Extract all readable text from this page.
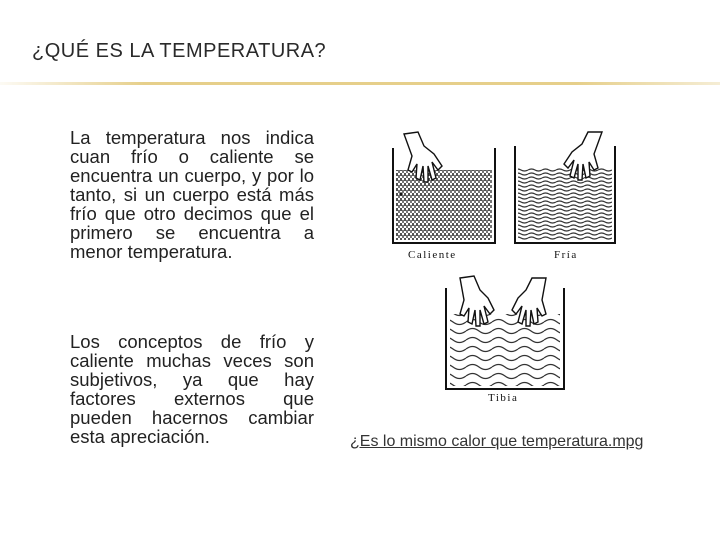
¿QUÉ ES LA TEMPERATURA?
La temperatura nos indica cuan frío o caliente se encuentra un cuerpo, y por lo tanto, si un cuerpo está más frío que otro decimos que el primero se encuentra a menor temperatura.
Los conceptos de frío y caliente muchas veces son subjetivos, ya que hay factores externos que pueden hacernos cambiar esta apreciación.
Caliente	Fría
Tibia
¿Es lo mismo calor que temperatura.mpg
